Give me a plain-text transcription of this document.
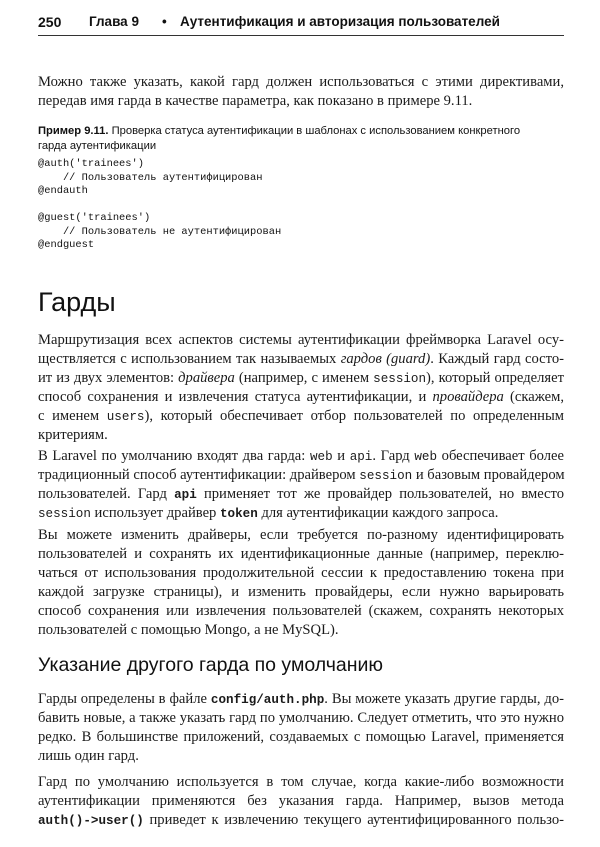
250 Глава 9 • Аутентификация и авторизация пользователей
Можно также указать, какой гард должен использоваться с этими директивами,
передав имя гарда в качестве параметра, как показано в примере 9.11.
Пример 9.11. Проверка статуса аутентификации в шаблонах с использованием конкретного
гарда аутентификации
@auth('trainees')
// Пользователь аутентифицирован
@endauth
@guest('trainees')
// Пользователь не аутентифицирован
@endguest
Гарды
Маршрутизация всех аспектов системы аутентификации фреймворка Laravel осу-
ществляется с использованием так называемых гардов (guard). Каждый гард состо-
ит из двух элементов: драйвера (например, с именем session), который определяет
способ сохранения и извлечения статуса аутентификации, и провайдера (скажем,
с именем users), который обеспечивает отбор пользователей по определенным
критериям.
В Laravel по умолчанию входят два гарда: web и api. Гард web обеспечивает более
традиционный способ аутентификации: драйвером session и базовым провайдером
пользователей. Гард api применяет тот же провайдер пользователей, но вместо
session использует драйвер token для аутентификации каждого запроса.
Вы можете изменить драйверы, если требуется по-разному идентифицировать
пользователей и сохранять их идентификационные данные (например, переклю-
чаться от использования продолжительной сессии к предоставлению токена при
каждой загрузке страницы), и изменить провайдеры, если нужно варьировать
способ сохранения или извлечения пользователей (скажем, сохранять некоторых
пользователей с помощью Mongo, а не MySQL).
Указание другого гарда по умолчанию
Гарды определены в файле config/auth.php. Вы можете указать другие гарды, до-
бавить новые, а также указать гард по умолчанию. Следует отметить, что это нужно
редко. В большинстве приложений, создаваемых с помощью Laravel, применяется
лишь один гард.
Гард по умолчанию используется в том случае, когда какие-либо возможности
аутентификации применяются без указания гарда. Например, вызов метода
auth()->user() приведет к извлечению текущего аутентифицированного пользо-
